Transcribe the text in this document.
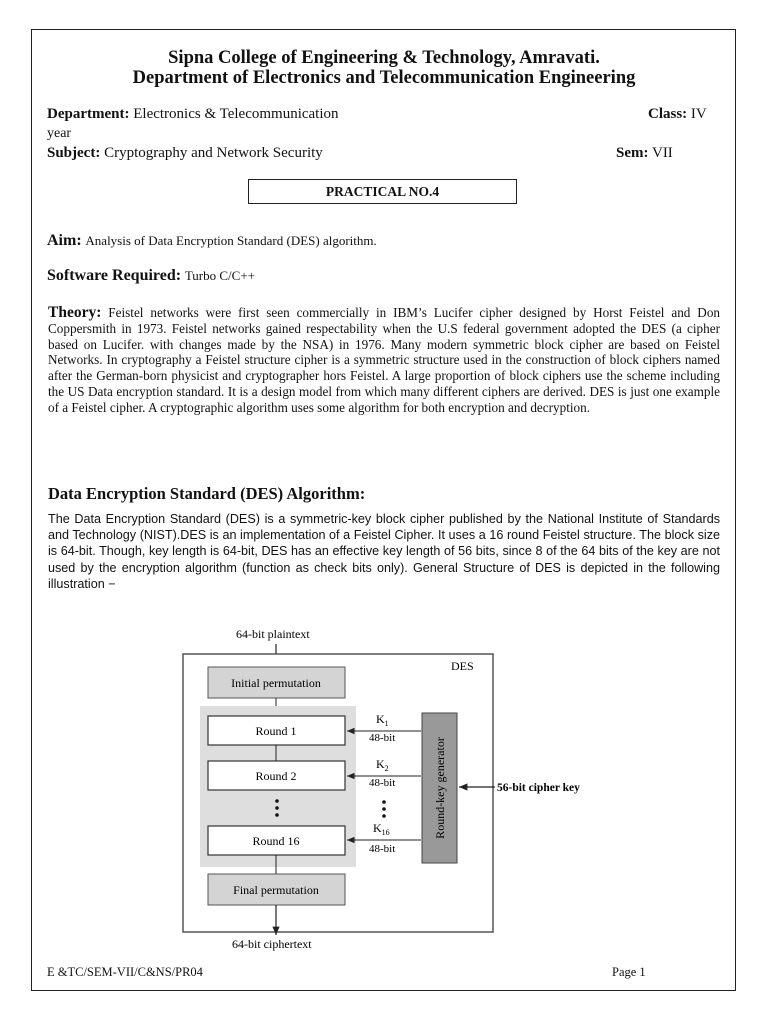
Sipna College of Engineering & Technology, Amravati.
Department of Electronics and Telecommunication Engineering
Department: Electronics & Telecommunication	Class: IV
year
Subject: Cryptography and Network Security	Sem: VII
PRACTICAL NO.4
Aim: Analysis of Data Encryption Standard (DES) algorithm.
Software Required: Turbo C/C++
Theory: Feistel networks were first seen commercially in IBM’s Lucifer cipher designed by Horst Feistel and Don Coppersmith in 1973. Feistel networks gained respectability when the U.S federal government adopted the DES (a cipher based on Lucifer. with changes made by the NSA) in 1976. Many modern symmetric block cipher are based on Feistel Networks. In cryptography a Feistel structure cipher is a symmetric structure used in the construction of block ciphers named after the German-born physicist and cryptographer hors Feistel. A large proportion of block ciphers use the scheme including the US Data encryption standard. It is a design model from which many different ciphers are derived. DES is just one example of a Feistel cipher. A cryptographic algorithm uses some algorithm for both encryption and decryption.
Data Encryption Standard (DES) Algorithm:
The Data Encryption Standard (DES) is a symmetric-key block cipher published by the National Institute of Standards and Technology (NIST).DES is an implementation of a Feistel Cipher. It uses a 16 round Feistel structure. The block size is 64-bit. Though, key length is 64-bit, DES has an effective key length of 56 bits, since 8 of the 64 bits of the key are not used by the encryption algorithm (function as check bits only). General Structure of DES is depicted in the following illustration −
64-bit plaintext
DES
Initial permutation
Round 1
Round 2
Round 16
Final permutation
64-bit ciphertext
Round-key generator	56-bit cipher key
$K_1$
48-bit
$K_2$
48-bit
$K_{16}$
48-bit
E &TC/SEM-VII/C&NS/PR04	Page 1
